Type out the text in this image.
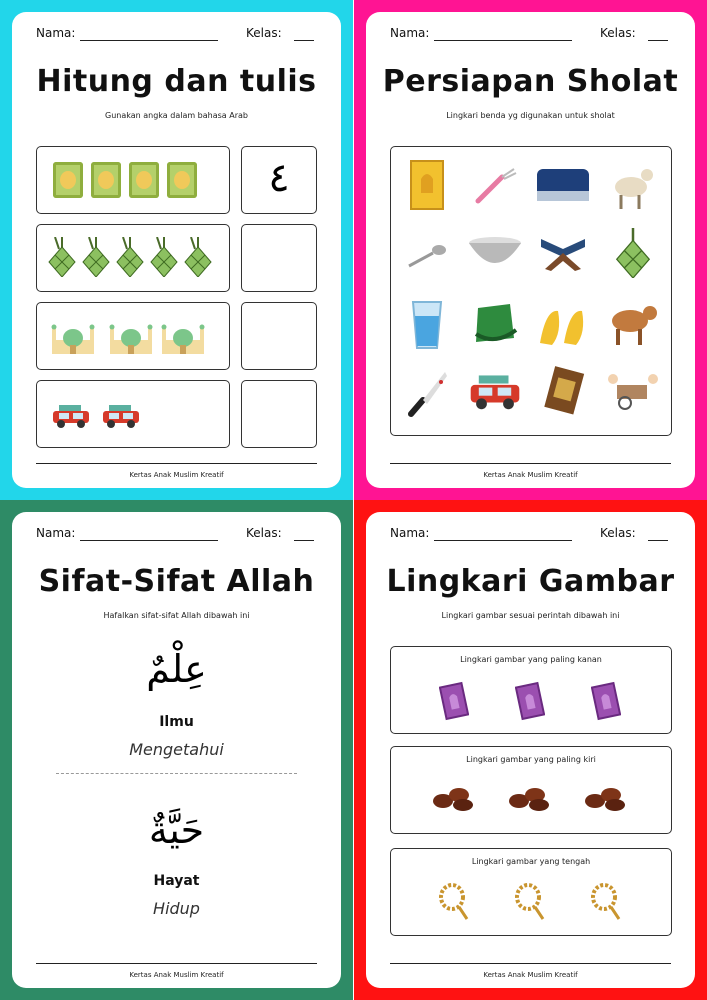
Nama:	Kelas:
Hitung dan tulis
Gunakan angka dalam bahasa Arab
٤
Kertas Anak Muslim Kreatif
Nama:	Kelas:
Persiapan Sholat
Lingkari benda yg digunakan untuk sholat
Kertas Anak Muslim Kreatif
Nama:	Kelas:
Sifat-Sifat Allah
Hafalkan sifat-sifat Allah dibawah ini
عِلْمٌ
Ilmu
Mengetahui
حَيَّةٌ
Hayat
Hidup
Kertas Anak Muslim Kreatif
Nama:	Kelas:
Lingkari Gambar
Lingkari gambar sesuai perintah dibawah ini
Lingkari gambar yang paling kanan
Lingkari gambar yang paling kiri
Lingkari gambar yang tengah
Kertas Anak Muslim Kreatif
